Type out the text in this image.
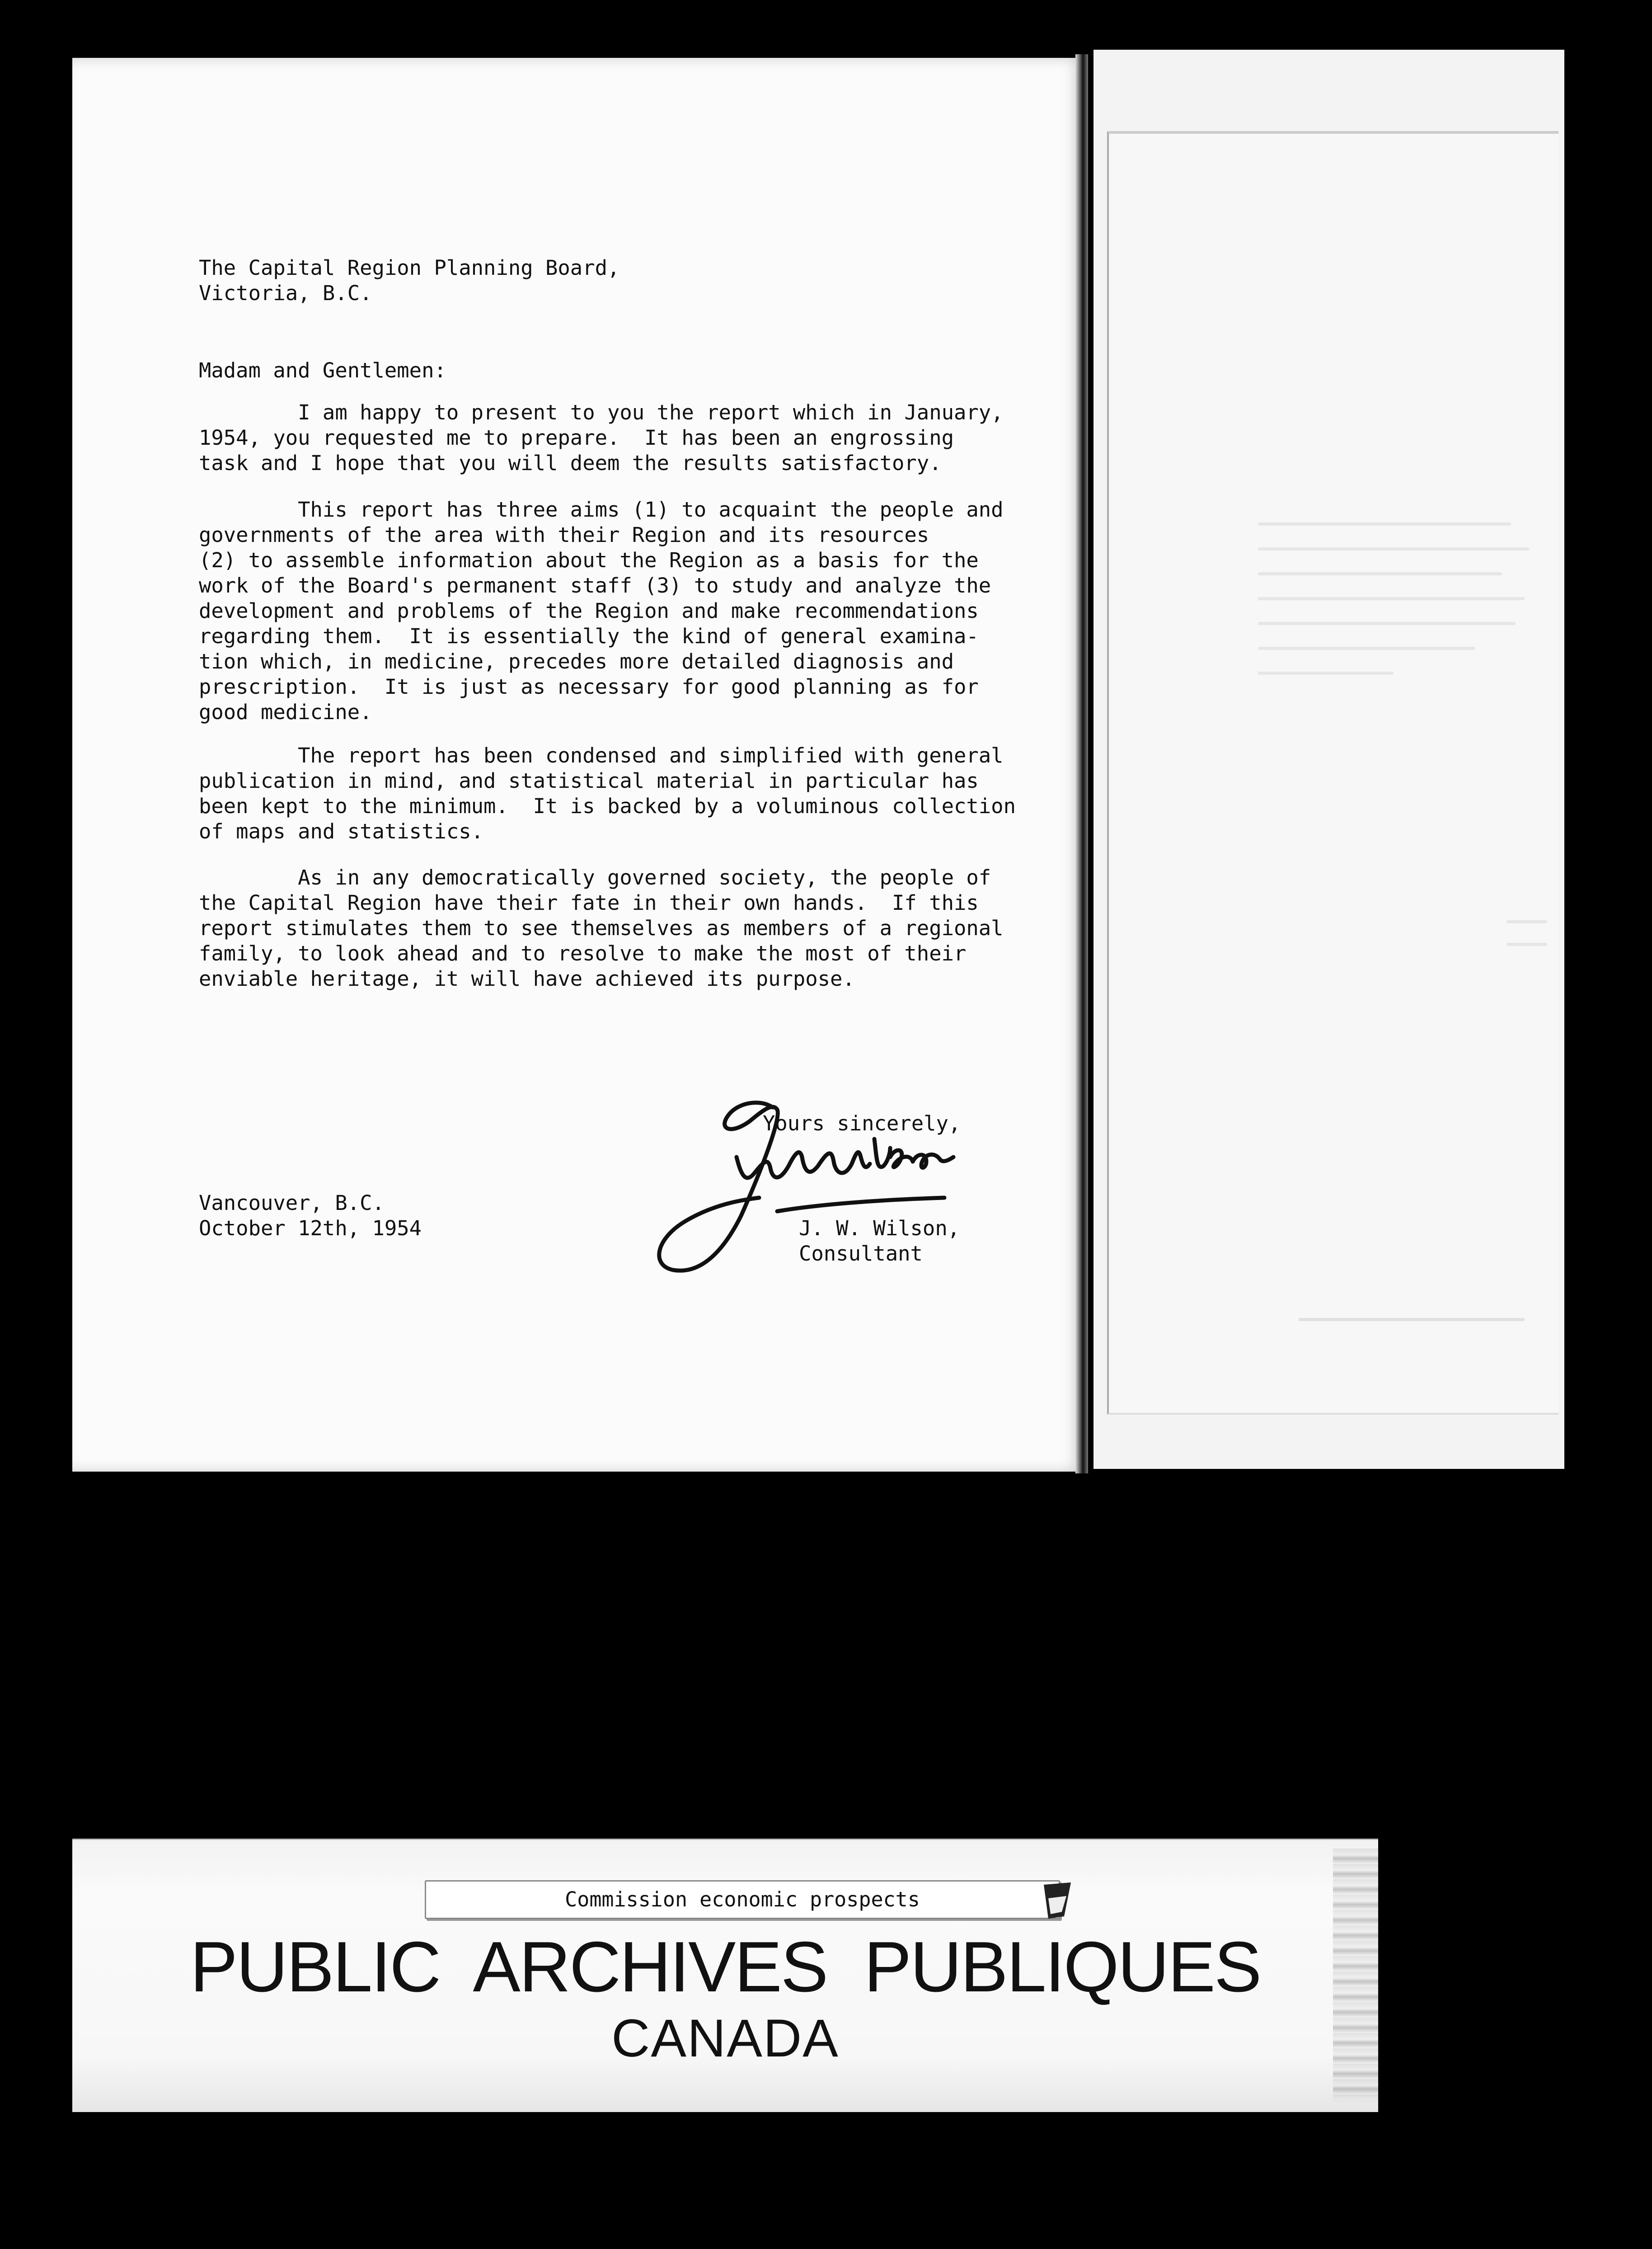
The Capital Region Planning Board,
Victoria, B.C.
Madam and Gentlemen:
I am happy to present to you the report which in January,
1954, you requested me to prepare.  It has been an engrossing
task and I hope that you will deem the results satisfactory.
This report has three aims (1) to acquaint the people and
governments of the area with their Region and its resources
(2) to assemble information about the Region as a basis for the
work of the Board's permanent staff (3) to study and analyze the
development and problems of the Region and make recommendations
regarding them.  It is essentially the kind of general examina-
tion which, in medicine, precedes more detailed diagnosis and
prescription.  It is just as necessary for good planning as for
good medicine.
The report has been condensed and simplified with general
publication in mind, and statistical material in particular has
been kept to the minimum.  It is backed by a voluminous collection
of maps and statistics.
As in any democratically governed society, the people of
the Capital Region have their fate in their own hands.  If this
report stimulates them to see themselves as members of a regional
family, to look ahead and to resolve to make the most of their
enviable heritage, it will have achieved its purpose.
Yours sincerely,
Vancouver, B.C.
October 12th, 1954	J. W. Wilson,
Consultant
Commission economic prospects
PUBLIC  ARCHIVES  PUBLIQUES
CANADA
